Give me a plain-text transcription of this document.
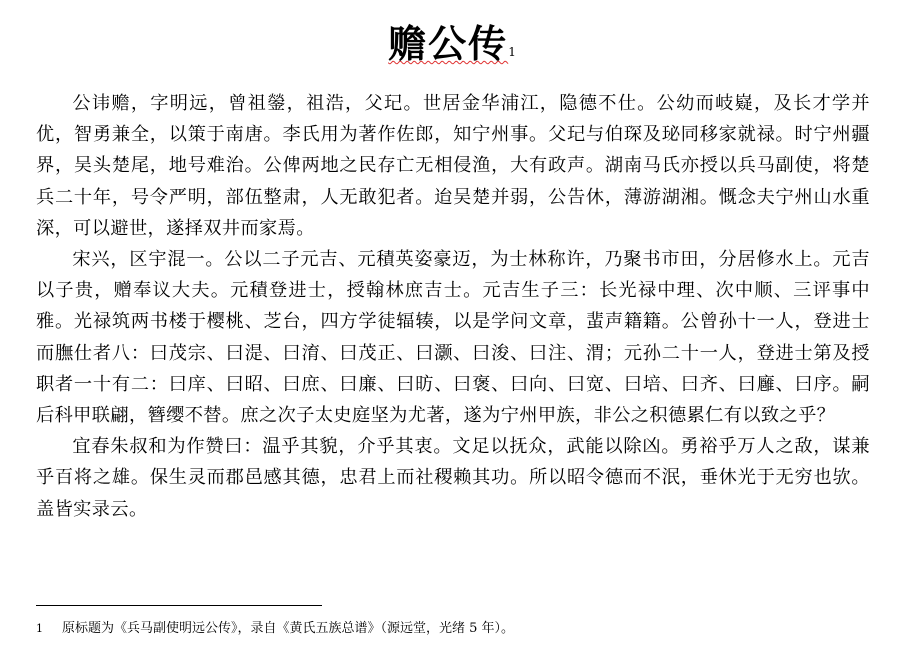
赡公传$^1$

公讳赡，字明远，曾祖鎣，祖浩，父玘。世居金华浦江，隐德不仕。公幼而岐嶷，及长才学并优，智勇兼全，以策于南唐。李氏用为著作佐郎，知宁州事。父玘与伯琛及珌同移家就禄。时宁州疆界，吴头楚尾，地号难治。公俾两地之民存亡无相侵渔，大有政声。湖南马氏亦授以兵马副使，将楚兵二十年，号令严明，部伍整肃，人无敢犯者。迨吴楚并弱，公告休，薄游湖湘。慨念夫宁州山水重深，可以避世，遂择双井而家焉。

宋兴，区宇混一。公以二子元吉、元積英姿豪迈，为士林称许，乃聚书市田，分居修水上。元吉以子贵，赠奉议大夫。元積登进士，授翰林庶吉士。元吉生子三：长光禄中理、次中顺、三评事中雅。光禄筑两书楼于樱桃、芝台，四方学徒辐辏，以是学问文章，蜚声籍籍。公曾孙十一人，登进士而膴仕者八：曰茂宗、曰湜、曰淯、曰茂正、曰灏、曰浚、曰注、渭；元孙二十一人，登进士第及授职者一十有二：曰庠、曰昭、曰庶、曰廉、曰昉、曰褒、曰向、曰宽、曰培、曰齐、曰廱、曰序。嗣后科甲联翩，簪缨不替。庶之次子太史庭坚为尤著，遂为宁州甲族，非公之积德累仁有以致之乎？

宜春朱叔和为作赞曰：温乎其貌，介乎其衷。文足以抚众，武能以除凶。勇裕乎万人之敌，谋兼乎百将之雄。保生灵而郡邑感其德，忠君上而社稷赖其功。所以昭令德而不泯，垂休光于无穷也欤。盖皆实录云。

1 原标题为《兵马副使明远公传》，录自《黄氏五族总谱》（源远堂，光绪 5 年）。
